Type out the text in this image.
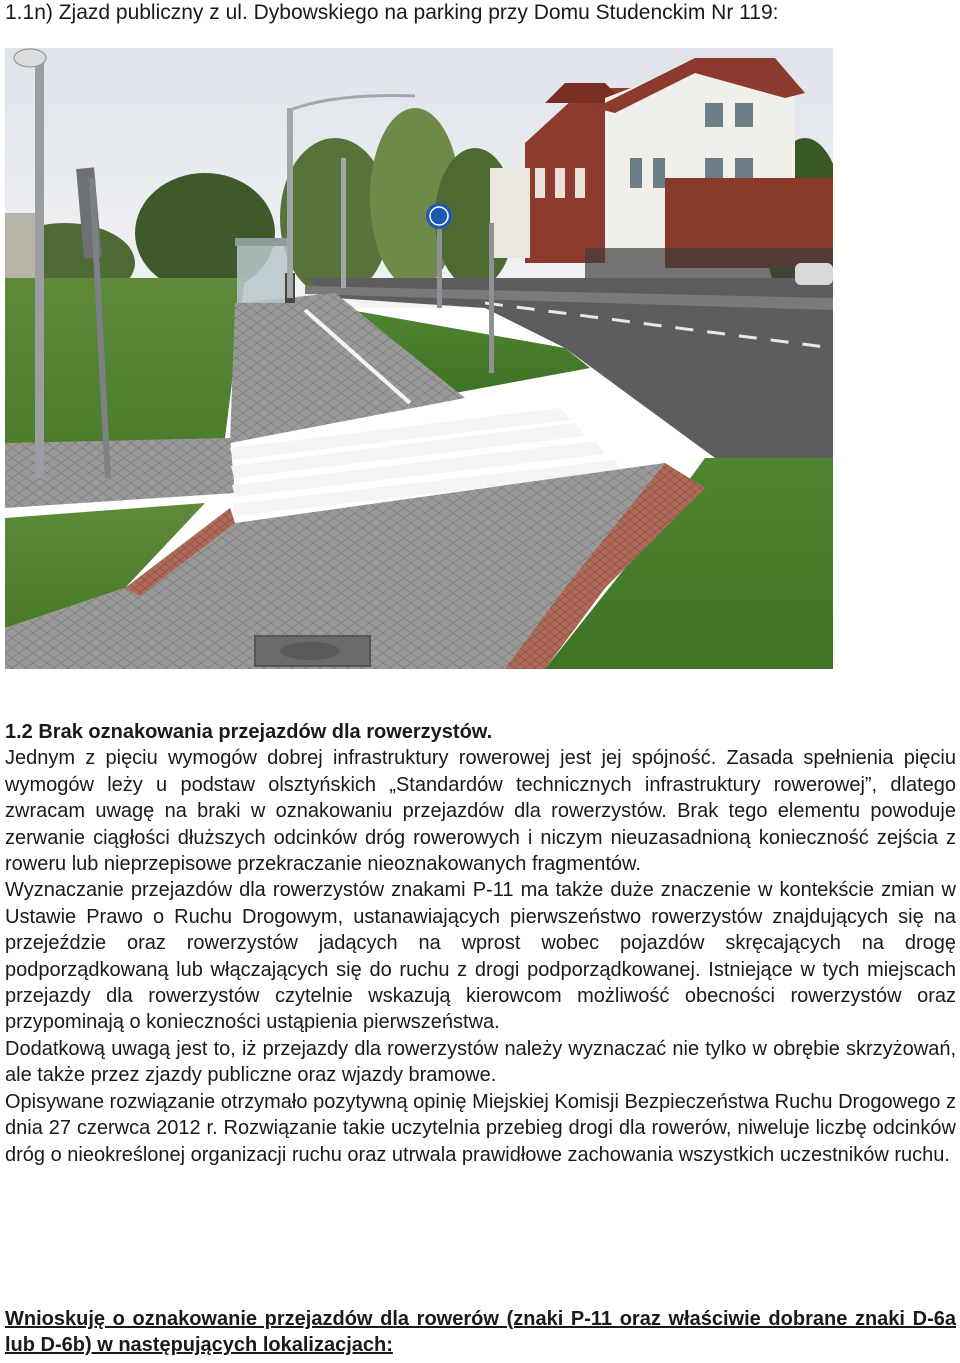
1.1n) Zjazd publiczny z ul. Dybowskiego na parking przy Domu Studenckim Nr 119:

1.2 Brak oznakowania przejazdów dla rowerzystów.

Jednym z pięciu wymogów dobrej infrastruktury rowerowej jest jej spójność. Zasada spełnienia pięciu wymogów leży u podstaw olsztyńskich „Standardów technicznych infrastruktury rowerowej”, dlatego zwracam uwagę na braki w oznakowaniu przejazdów dla rowerzystów. Brak tego elementu powoduje zerwanie ciągłości dłuższych odcinków dróg rowerowych i niczym nieuzasadnioną konieczność zejścia z roweru lub nieprzepisowe przekraczanie nieoznakowanych fragmentów.

Wyznaczanie przejazdów dla rowerzystów znakami P-11 ma także duże znaczenie w kontekście zmian w Ustawie Prawo o Ruchu Drogowym, ustanawiających pierwszeństwo rowerzystów znajdujących się na przejeździe oraz rowerzystów jadących na wprost wobec pojazdów skręcających na drogę podporządkowaną lub włączających się do ruchu z drogi podporządkowanej. Istniejące w tych miejscach przejazdy dla rowerzystów czytelnie wskazują kierowcom możliwość obecności rowerzystów oraz przypominają o konieczności ustąpienia pierwszeństwa.

Dodatkową uwagą jest to, iż przejazdy dla rowerzystów należy wyznaczać nie tylko w obrębie skrzyżowań, ale także przez zjazdy publiczne oraz wjazdy bramowe.

Opisywane rozwiązanie otrzymało pozytywną opinię Miejskiej Komisji Bezpieczeństwa Ruchu Drogowego z dnia 27 czerwca 2012 r. Rozwiązanie takie uczytelnia przebieg drogi dla rowerów, niweluje liczbę odcinków dróg o nieokreślonej organizacji ruchu oraz utrwala prawidłowe zachowania wszystkich uczestników ruchu.

Wnioskuję o oznakowanie przejazdów dla rowerów (znaki P-11 oraz właściwie dobrane znaki D-6a lub D-6b) w następujących lokalizacjach:
